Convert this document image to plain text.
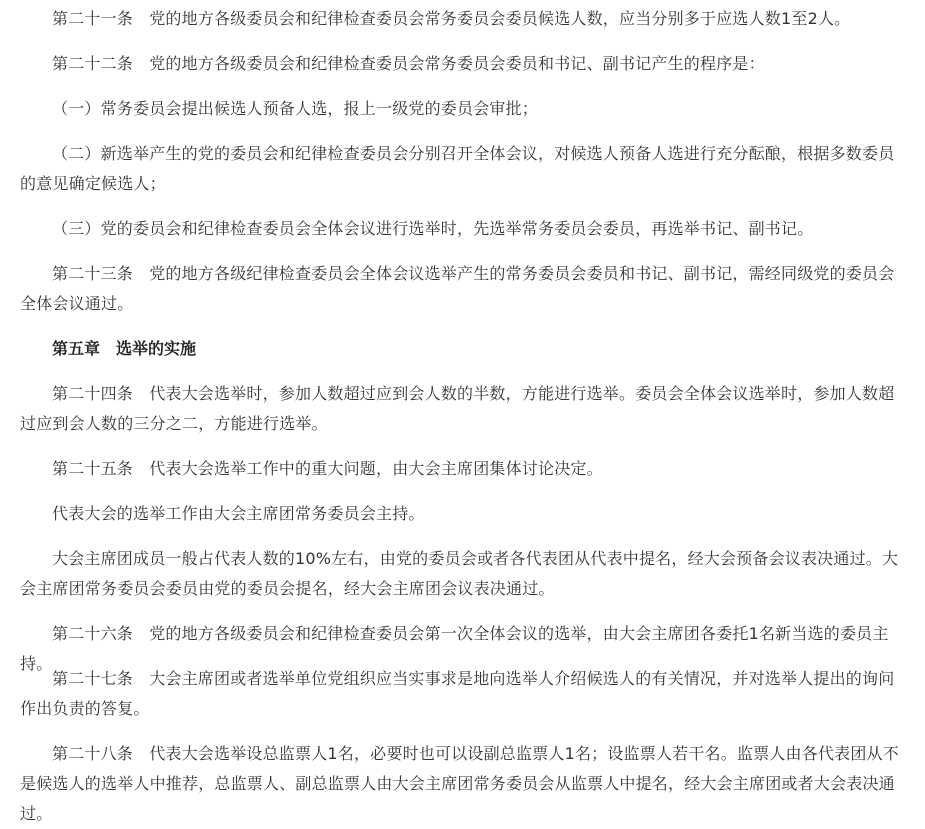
第二十一条　党的地方各级委员会和纪律检查委员会常务委员会委员候选人数，应当分别多于应选人数1至2人。

第二十二条　党的地方各级委员会和纪律检查委员会常务委员会委员和书记、副书记产生的程序是：

（一）常务委员会提出候选人预备人选，报上一级党的委员会审批；

（二）新选举产生的党的委员会和纪律检查委员会分别召开全体会议，对候选人预备人选进行充分酝酿，根据多数委员的意见确定候选人；

（三）党的委员会和纪律检查委员会全体会议进行选举时，先选举常务委员会委员，再选举书记、副书记。

第二十三条　党的地方各级纪律检查委员会全体会议选举产生的常务委员会委员和书记、副书记，需经同级党的委员会全体会议通过。

第五章　选举的实施

第二十四条　代表大会选举时，参加人数超过应到会人数的半数，方能进行选举。委员会全体会议选举时，参加人数超过应到会人数的三分之二，方能进行选举。

第二十五条　代表大会选举工作中的重大问题，由大会主席团集体讨论决定。

代表大会的选举工作由大会主席团常务委员会主持。

大会主席团成员一般占代表人数的10%左右，由党的委员会或者各代表团从代表中提名，经大会预备会议表决通过。大会主席团常务委员会委员由党的委员会提名，经大会主席团会议表决通过。

第二十六条　党的地方各级委员会和纪律检查委员会第一次全体会议的选举，由大会主席团各委托1名新当选的委员主持。

第二十七条　大会主席团或者选举单位党组织应当实事求是地向选举人介绍候选人的有关情况，并对选举人提出的询问作出负责的答复。

第二十八条　代表大会选举设总监票人1名，必要时也可以设副总监票人1名；设监票人若干名。监票人由各代表团从不是候选人的选举人中推荐，总监票人、副总监票人由大会主席团常务委员会从监票人中提名，经大会主席团或者大会表决通过。
